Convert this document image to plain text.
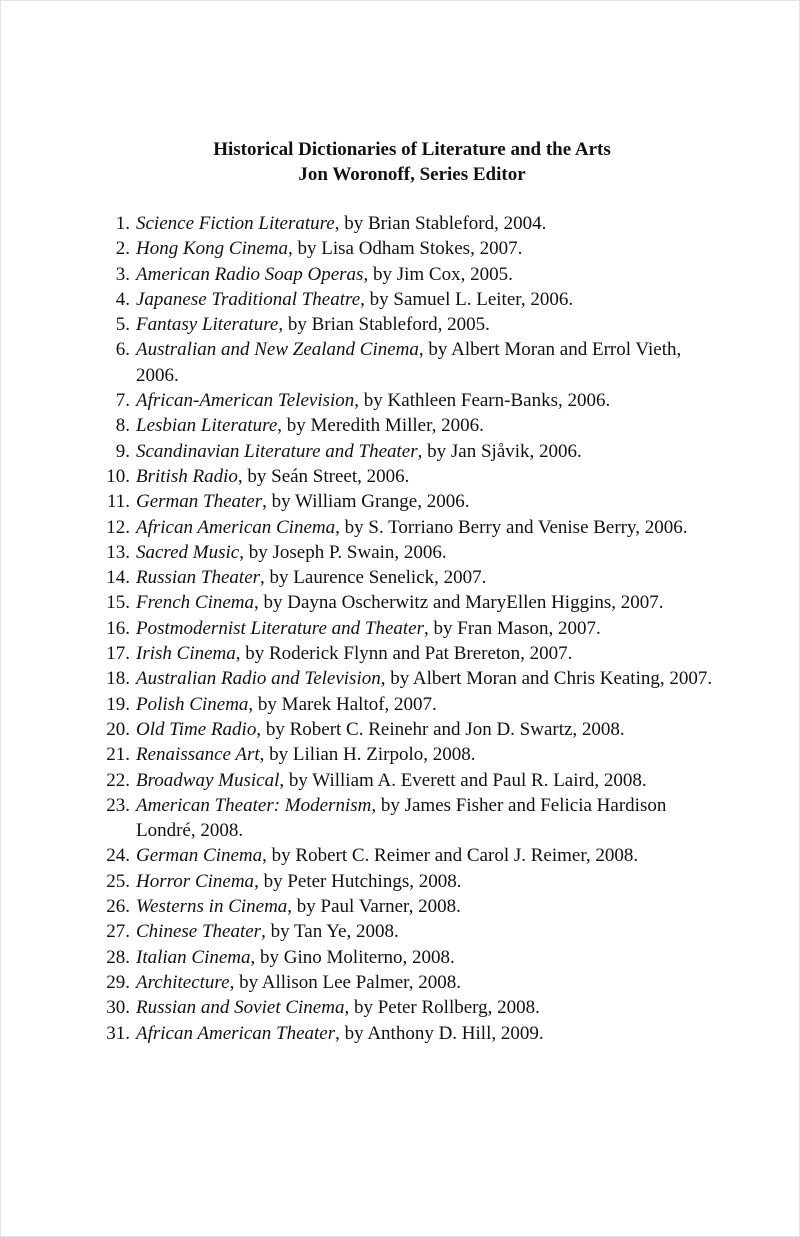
Historical Dictionaries of Literature and the Arts
Jon Woronoff, Series Editor
1. Science Fiction Literature, by Brian Stableford, 2004.
2. Hong Kong Cinema, by Lisa Odham Stokes, 2007.
3. American Radio Soap Operas, by Jim Cox, 2005.
4. Japanese Traditional Theatre, by Samuel L. Leiter, 2006.
5. Fantasy Literature, by Brian Stableford, 2005.
6. Australian and New Zealand Cinema, by Albert Moran and Errol Vieth, 2006.
7. African-American Television, by Kathleen Fearn-Banks, 2006.
8. Lesbian Literature, by Meredith Miller, 2006.
9. Scandinavian Literature and Theater, by Jan Sjåvik, 2006.
10. British Radio, by Seán Street, 2006.
11. German Theater, by William Grange, 2006.
12. African American Cinema, by S. Torriano Berry and Venise Berry, 2006.
13. Sacred Music, by Joseph P. Swain, 2006.
14. Russian Theater, by Laurence Senelick, 2007.
15. French Cinema, by Dayna Oscherwitz and MaryEllen Higgins, 2007.
16. Postmodernist Literature and Theater, by Fran Mason, 2007.
17. Irish Cinema, by Roderick Flynn and Pat Brereton, 2007.
18. Australian Radio and Television, by Albert Moran and Chris Keating, 2007.
19. Polish Cinema, by Marek Haltof, 2007.
20. Old Time Radio, by Robert C. Reinehr and Jon D. Swartz, 2008.
21. Renaissance Art, by Lilian H. Zirpolo, 2008.
22. Broadway Musical, by William A. Everett and Paul R. Laird, 2008.
23. American Theater: Modernism, by James Fisher and Felicia Hardison Londré, 2008.
24. German Cinema, by Robert C. Reimer and Carol J. Reimer, 2008.
25. Horror Cinema, by Peter Hutchings, 2008.
26. Westerns in Cinema, by Paul Varner, 2008.
27. Chinese Theater, by Tan Ye, 2008.
28. Italian Cinema, by Gino Moliterno, 2008.
29. Architecture, by Allison Lee Palmer, 2008.
30. Russian and Soviet Cinema, by Peter Rollberg, 2008.
31. African American Theater, by Anthony D. Hill, 2009.
